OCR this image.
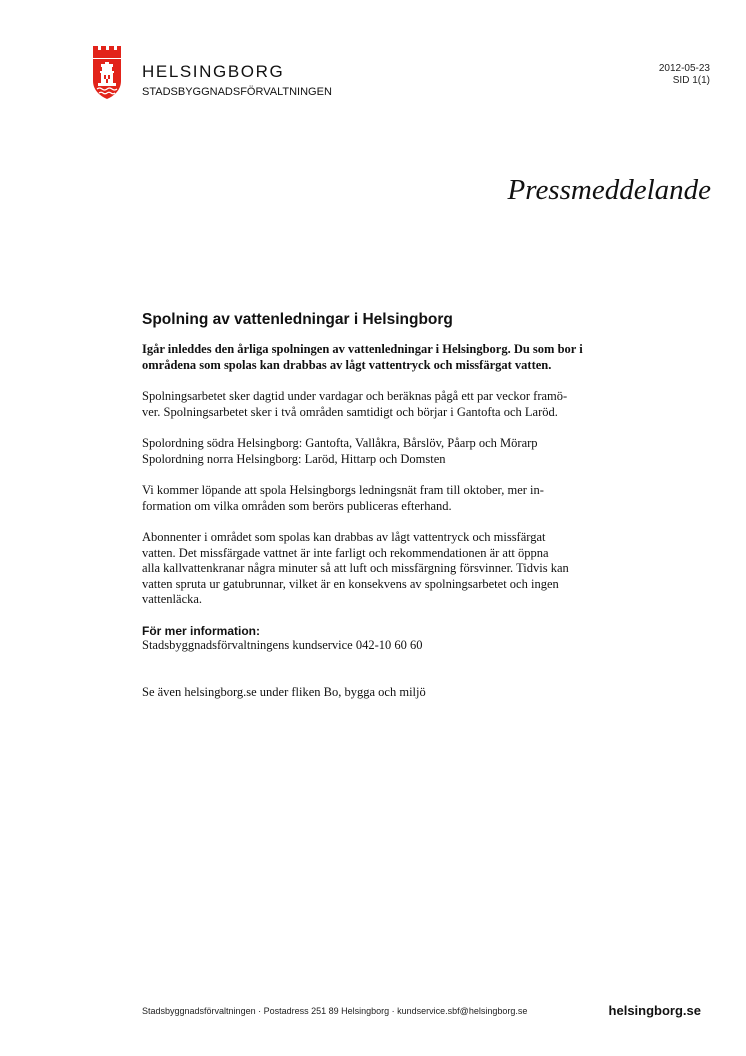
HELSINGBORG
STADSBYGGNADSFÖRVALTNINGEN
2012-05-23
SID 1(1)
Pressmeddelande
Spolning av vattenledningar i Helsingborg

Igår inleddes den årliga spolningen av vattenledningar i Helsingborg. Du som bor i
områdena som spolas kan drabbas av lågt vattentryck och missfärgat vatten.

Spolningsarbetet sker dagtid under vardagar och beräknas pågå ett par veckor framö-
ver. Spolningsarbetet sker i två områden samtidigt och börjar i Gantofta och Laröd.

Spolordning södra Helsingborg: Gantofta, Vallåkra, Bårslöv, Påarp och Mörarp
Spolordning norra Helsingborg: Laröd, Hittarp och Domsten

Vi kommer löpande att spola Helsingborgs ledningsnät fram till oktober, mer in-
formation om vilka områden som berörs publiceras efterhand.

Abonnenter i området som spolas kan drabbas av lågt vattentryck och missfärgat
vatten. Det missfärgade vattnet är inte farligt och rekommendationen är att öppna
alla kallvattenkranar några minuter så att luft och missfärgning försvinner. Tidvis kan
vatten spruta ur gatubrunnar, vilket är en konsekvens av spolningsarbetet och ingen
vattenläcka.

För mer information:
Stadsbyggnadsförvaltningens kundservice 042-10 60 60

Se även helsingborg.se under fliken Bo, bygga och miljö

Stadsbyggnadsförvaltningen · Postadress 251 89 Helsingborg · kundservice.sbf@helsingborg.se	helsingborg.se
